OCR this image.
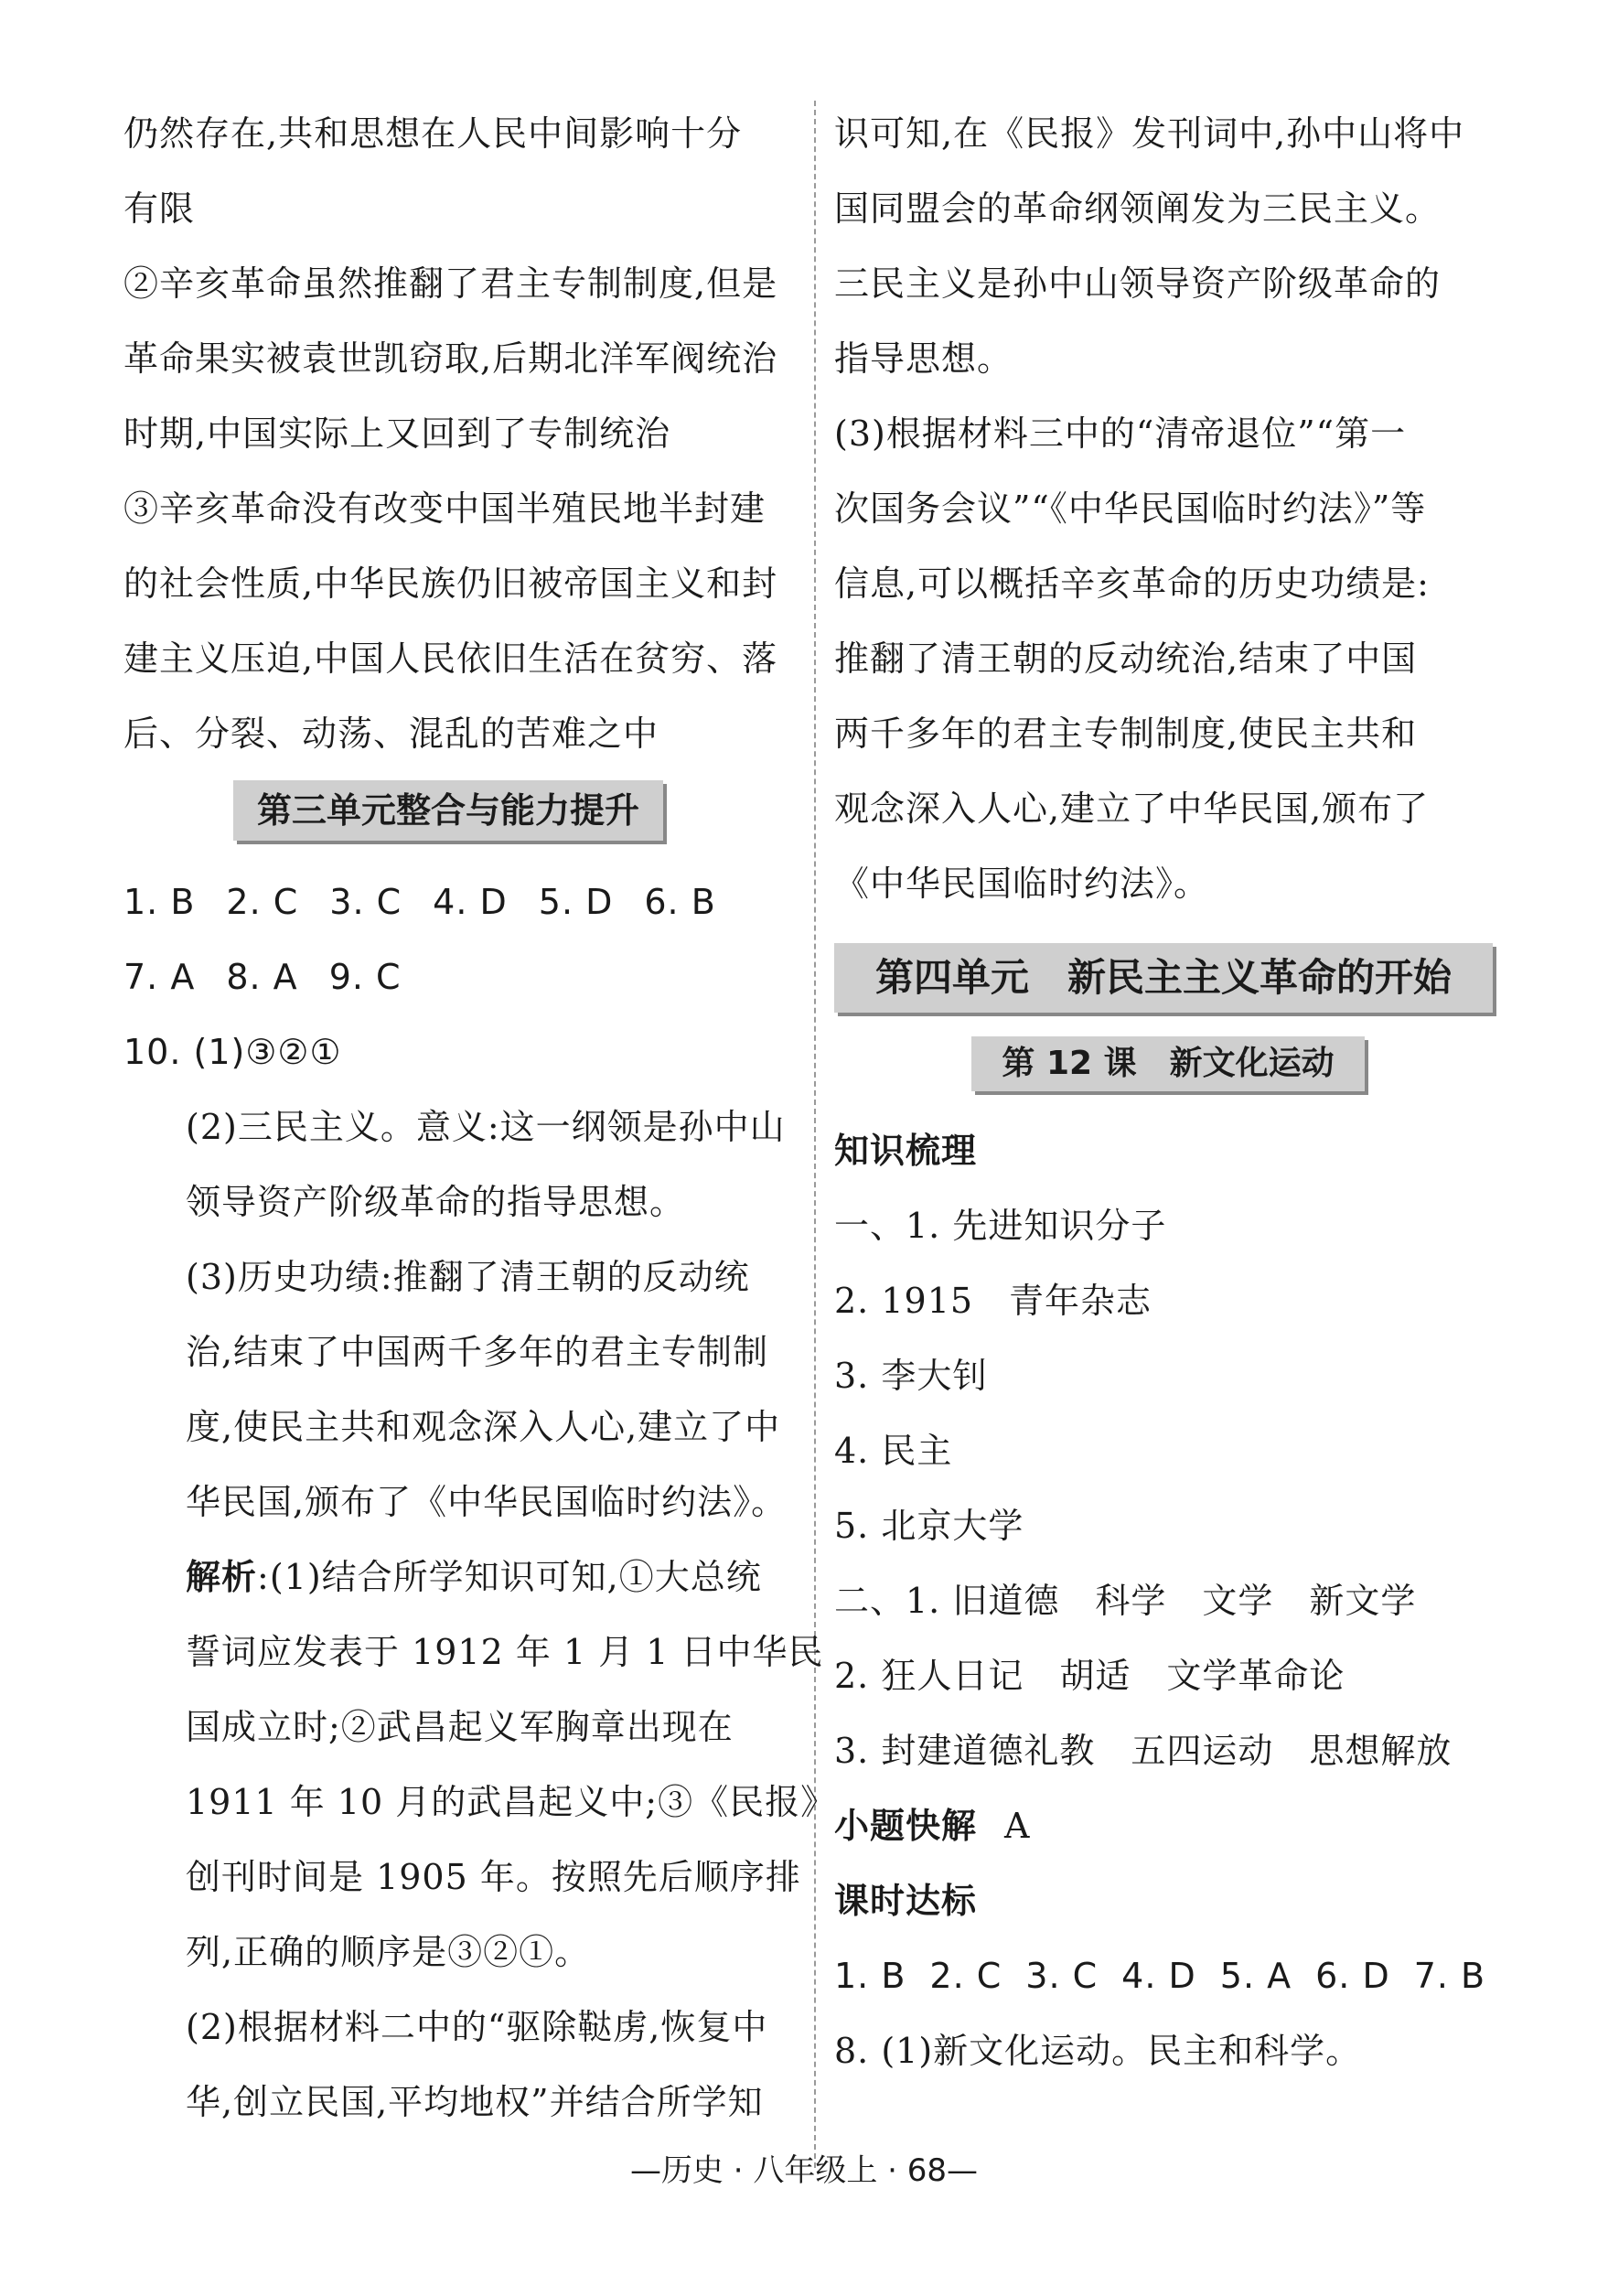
仍然存在,共和思想在人民中间影响十分
有限
②辛亥革命虽然推翻了君主专制制度,但是
革命果实被袁世凯窃取,后期北洋军阀统治
时期,中国实际上又回到了专制统治
③辛亥革命没有改变中国半殖民地半封建
的社会性质,中华民族仍旧被帝国主义和封
建主义压迫,中国人民依旧生活在贫穷、落
后、分裂、动荡、混乱的苦难之中
第三单元整合与能力提升
1. B 2. C 3. C 4. D 5. D 6. B
7. A 8. A 9. C
10. (1)③②①
(2)三民主义。意义:这一纲领是孙中山
领导资产阶级革命的指导思想。
(3)历史功绩:推翻了清王朝的反动统
治,结束了中国两千多年的君主专制制
度,使民主共和观念深入人心,建立了中
华民国,颁布了《中华民国临时约法》。
解析:(1)结合所学知识可知,①大总统
誓词应发表于 1912 年 1 月 1 日中华民
国成立时;②武昌起义军胸章出现在
1911 年 10 月的武昌起义中;③《民报》
创刊时间是 1905 年。按照先后顺序排
列,正确的顺序是③②①。
(2)根据材料二中的“驱除鞑虏,恢复中
华,创立民国,平均地权”并结合所学知
识可知,在《民报》发刊词中,孙中山将中
国同盟会的革命纲领阐发为三民主义。
三民主义是孙中山领导资产阶级革命的
指导思想。
(3)根据材料三中的“清帝退位”“第一
次国务会议”“《中华民国临时约法》”等
信息,可以概括辛亥革命的历史功绩是:
推翻了清王朝的反动统治,结束了中国
两千多年的君主专制制度,使民主共和
观念深入人心,建立了中华民国,颁布了
《中华民国临时约法》。
第四单元　新民主主义革命的开始
第 12 课　新文化运动
知识梳理
一、1. 先进知识分子
2. 1915　青年杂志
3. 李大钊
4. 民主
5. 北京大学
二、1. 旧道德　科学　文学　新文学
2. 狂人日记　胡适　文学革命论
3. 封建道德礼教　五四运动　思想解放
小题快解 A
课时达标
1. B 2. C 3. C 4. D 5. A 6. D 7. B
8. (1)新文化运动。民主和科学。
—历史 · 八年级上 · 68—
